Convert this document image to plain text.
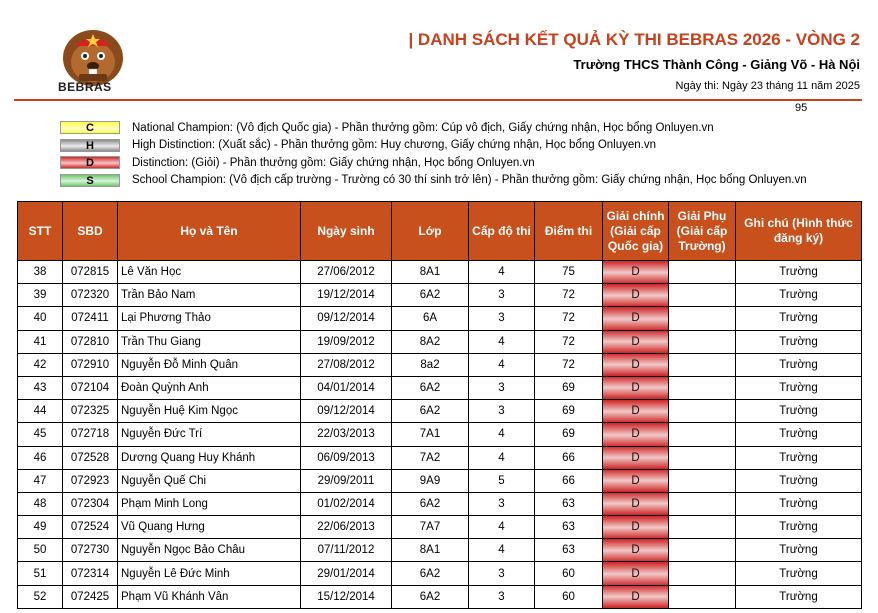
BEBRAS
| DANH SÁCH KẾT QUẢ KỲ THI BEBRAS 2026 - VÒNG 2
Trường THCS Thành Công - Giảng Võ - Hà Nội
Ngày thi: Ngày 23 tháng 11 năm 2025
95
C	National Champion: (Vô địch Quốc gia) - Phần thưởng gồm: Cúp vô địch, Giấy chứng nhận, Học bổng Onluyen.vn
H	High Distinction: (Xuất sắc) - Phần thưởng gồm: Huy chương, Giấy chứng nhận, Học bổng Onluyen.vn
D	Distinction: (Giỏi) - Phần thưởng gồm: Giấy chứng nhận, Học bổng Onluyen.vn
S	School Champion: (Vô địch cấp trường - Trường có 30 thí sinh trở lên) - Phần thưởng gồm: Giấy chứng nhận, Học bổng Onluyen.vn
STT	SBD	Họ và Tên	Ngày sinh	Lớp	Cấp độ thi	Điểm thi	Giải chính (Giải cấp Quốc gia)	Giải Phụ (Giải cấp Trường)	Ghi chú (Hình thức đăng ký)
38	072815	Lê Văn Học	27/06/2012	8A1	4	75	D		Trường
39	072320	Trần Bảo Nam	19/12/2014	6A2	3	72	D		Trường
40	072411	Lại Phương Thảo	09/12/2014	6A	3	72	D		Trường
41	072810	Trần Thu Giang	19/09/2012	8A2	4	72	D		Trường
42	072910	Nguyễn Đỗ Minh Quân	27/08/2012	8a2	4	72	D		Trường
43	072104	Đoàn Quỳnh Anh	04/01/2014	6A2	3	69	D		Trường
44	072325	Nguyễn Huệ Kim Ngọc	09/12/2014	6A2	3	69	D		Trường
45	072718	Nguyễn Đức Trí	22/03/2013	7A1	4	69	D		Trường
46	072528	Dương Quang Huy Khánh	06/09/2013	7A2	4	66	D		Trường
47	072923	Nguyễn Quế Chi	29/09/2011	9A9	5	66	D		Trường
48	072304	Phạm Minh Long	01/02/2014	6A2	3	63	D		Trường
49	072524	Vũ Quang Hưng	22/06/2013	7A7	4	63	D		Trường
50	072730	Nguyễn Ngọc Bảo Châu	07/11/2012	8A1	4	63	D		Trường
51	072314	Nguyễn Lê Đức Minh	29/01/2014	6A2	3	60	D		Trường
52	072425	Phạm Vũ Khánh Vân	15/12/2014	6A2	3	60	D		Trường
